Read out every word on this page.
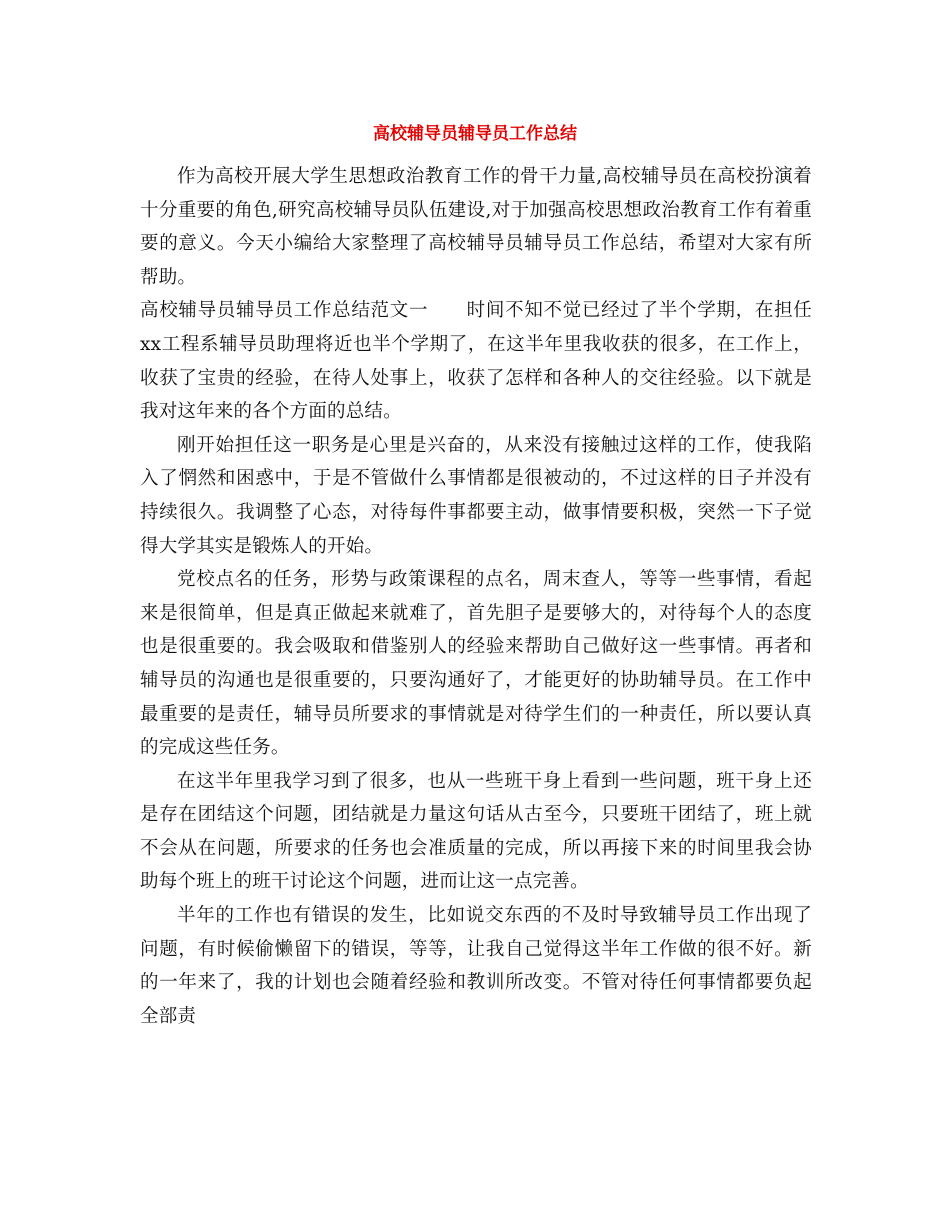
高校辅导员辅导员工作总结

作为高校开展大学生思想政治教育工作的骨干力量,高校辅导员在高校扮演着十分重要的角色,研究高校辅导员队伍建设,对于加强高校思想政治教育工作有着重要的意义。今天小编给大家整理了高校辅导员辅导员工作总结，希望对大家有所帮助。

高校辅导员辅导员工作总结范文一 时间不知不觉已经过了半个学期，在担任xx工程系辅导员助理将近也半个学期了，在这半年里我收获的很多，在工作上，收获了宝贵的经验，在待人处事上，收获了怎样和各种人的交往经验。以下就是我对这年来的各个方面的总结。

刚开始担任这一职务是心里是兴奋的，从来没有接触过这样的工作，使我陷入了惘然和困惑中，于是不管做什么事情都是很被动的，不过这样的日子并没有持续很久。我调整了心态，对待每件事都要主动，做事情要积极，突然一下子觉得大学其实是锻炼人的开始。

党校点名的任务，形势与政策课程的点名，周末查人，等等一些事情，看起来是很简单，但是真正做起来就难了，首先胆子是要够大的，对待每个人的态度也是很重要的。我会吸取和借鉴别人的经验来帮助自己做好这一些事情。再者和辅导员的沟通也是很重要的，只要沟通好了，才能更好的协助辅导员。在工作中最重要的是责任，辅导员所要求的事情就是对待学生们的一种责任，所以要认真的完成这些任务。

在这半年里我学习到了很多，也从一些班干身上看到一些问题，班干身上还是存在团结这个问题，团结就是力量这句话从古至今，只要班干团结了，班上就不会从在问题，所要求的任务也会准质量的完成，所以再接下来的时间里我会协助每个班上的班干讨论这个问题，进而让这一点完善。

半年的工作也有错误的发生，比如说交东西的不及时导致辅导员工作出现了问题，有时候偷懒留下的错误，等等，让我自己觉得这半年工作做的很不好。新的一年来了，我的计划也会随着经验和教训所改变。不管对待任何事情都要负起全部责
